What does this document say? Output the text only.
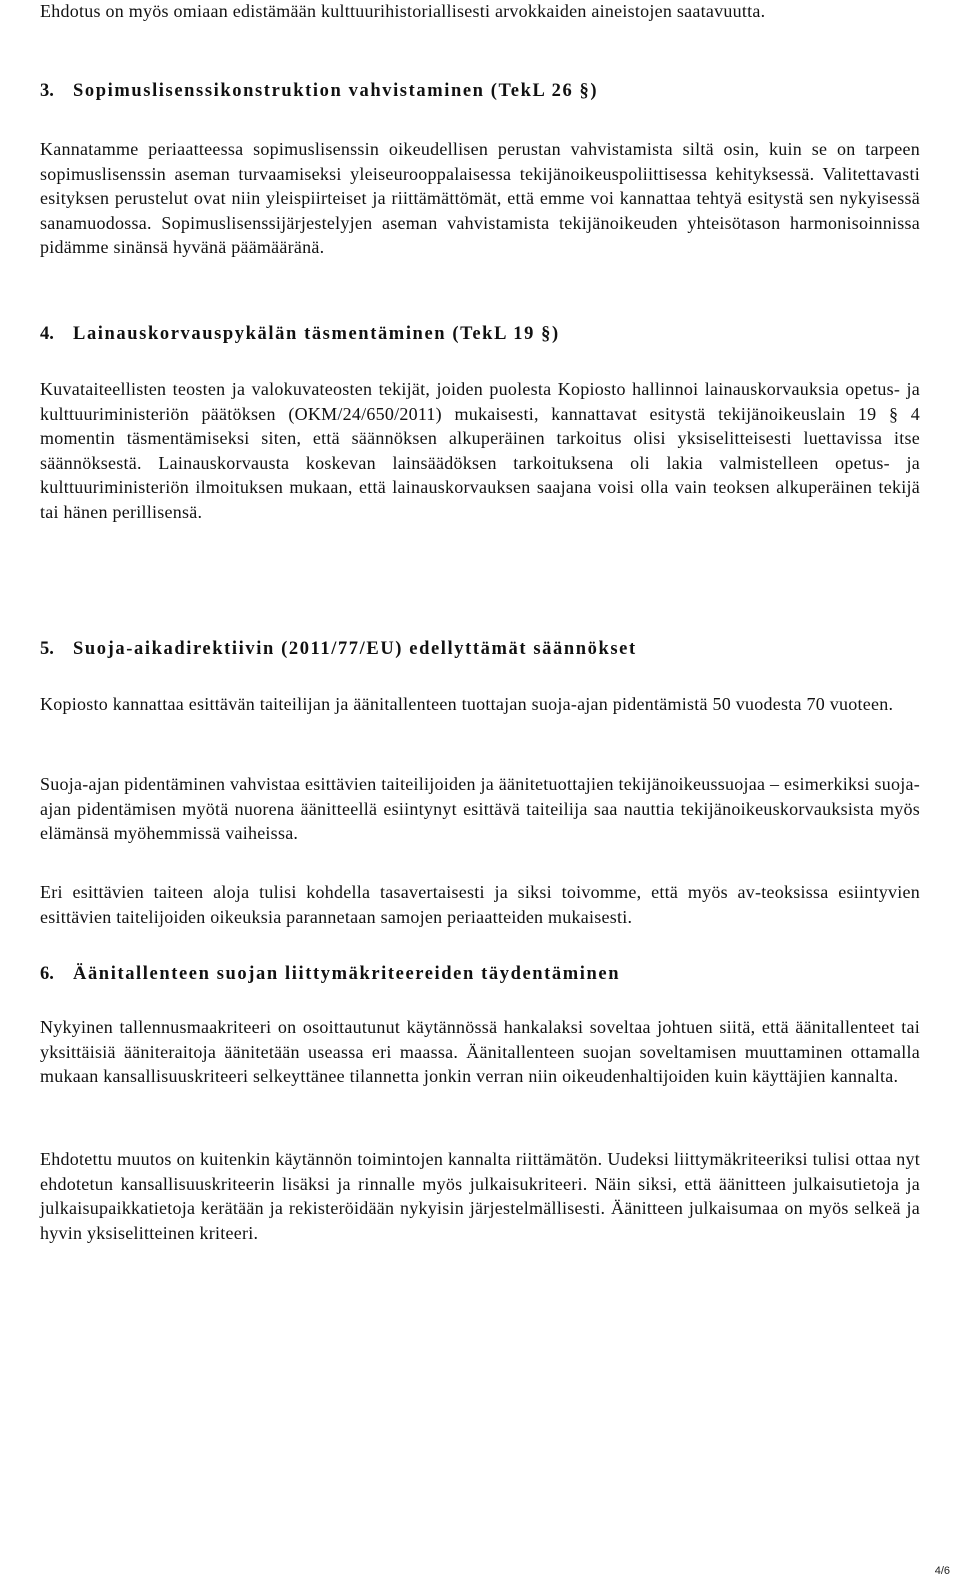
Ehdotus on myös omiaan edistämään kulttuurihistoriallisesti arvokkaiden aineistojen saatavuutta.

3. Sopimuslisenssikonstruktion vahvistaminen (TekL 26 §)

Kannatamme periaatteessa sopimuslisenssin oikeudellisen perustan vahvistamista siltä osin, kuin se on tarpeen sopimuslisenssin aseman turvaamiseksi yleiseurooppalaisessa tekijänoikeuspoliittisessa kehityksessä. Valitettavasti esityksen perustelut ovat niin yleispiirteiset ja riittämättömät, että emme voi kannattaa tehtyä esitystä sen nykyisessä sanamuodossa. Sopimuslisenssijärjestelyjen aseman vahvistamista tekijänoikeuden yhteisötason harmonisoinnissa pidämme sinänsä hyvänä päämääränä.

4. Lainauskorvauspykälän täsmentäminen (TekL 19 §)

Kuvataiteellisten teosten ja valokuvateosten tekijät, joiden puolesta Kopiosto hallinnoi lainauskorvauksia opetus- ja kulttuuriministeriön päätöksen (OKM/24/650/2011) mukaisesti, kannattavat esitystä tekijänoikeuslain 19 § 4 momentin täsmentämiseksi siten, että säännöksen alkuperäinen tarkoitus olisi yksiselitteisesti luettavissa itse säännöksestä. Lainauskorvausta koskevan lainsäädöksen tarkoituksena oli lakia valmistelleen opetus- ja kulttuuriministeriön ilmoituksen mukaan, että lainauskorvauksen saajana voisi olla vain teoksen alkuperäinen tekijä tai hänen perillisensä.

5. Suoja-aikadirektiivin (2011/77/EU) edellyttämät säännökset

Kopiosto kannattaa esittävän taiteilijan ja äänitallenteen tuottajan suoja-ajan pidentämistä 50 vuodesta 70 vuoteen.

Suoja-ajan pidentäminen vahvistaa esittävien taiteilijoiden ja äänitetuottajien tekijänoikeussuojaa – esimerkiksi suoja-ajan pidentämisen myötä nuorena äänitteellä esiintynyt esittävä taiteilija saa nauttia tekijänoikeuskorvauksista myös elämänsä myöhemmissä vaiheissa.

Eri esittävien taiteen aloja tulisi kohdella tasavertaisesti ja siksi toivomme, että myös av-teoksissa esiintyvien esittävien taitelijoiden oikeuksia parannetaan samojen periaatteiden mukaisesti.

6. Äänitallenteen suojan liittymäkriteereiden täydentäminen

Nykyinen tallennusmaakriteeri on osoittautunut käytännössä hankalaksi soveltaa johtuen siitä, että äänitallenteet tai yksittäisiä ääniteraitoja äänitetään useassa eri maassa. Äänitallenteen suojan soveltamisen muuttaminen ottamalla mukaan kansallisuuskriteeri selkeyttänee tilannetta jonkin verran niin oikeudenhaltijoiden kuin käyttäjien kannalta.

Ehdotettu muutos on kuitenkin käytännön toimintojen kannalta riittämätön. Uudeksi liittymäkriteeriksi tulisi ottaa nyt ehdotetun kansallisuuskriteerin lisäksi ja rinnalle myös julkaisukriteeri. Näin siksi, että äänitteen julkaisutietoja ja julkaisupaikkatietoja kerätään ja rekisteröidään nykyisin järjestelmällisesti. Äänitteen julkaisumaa on myös selkeä ja hyvin yksiselitteinen kriteeri.

4/6
